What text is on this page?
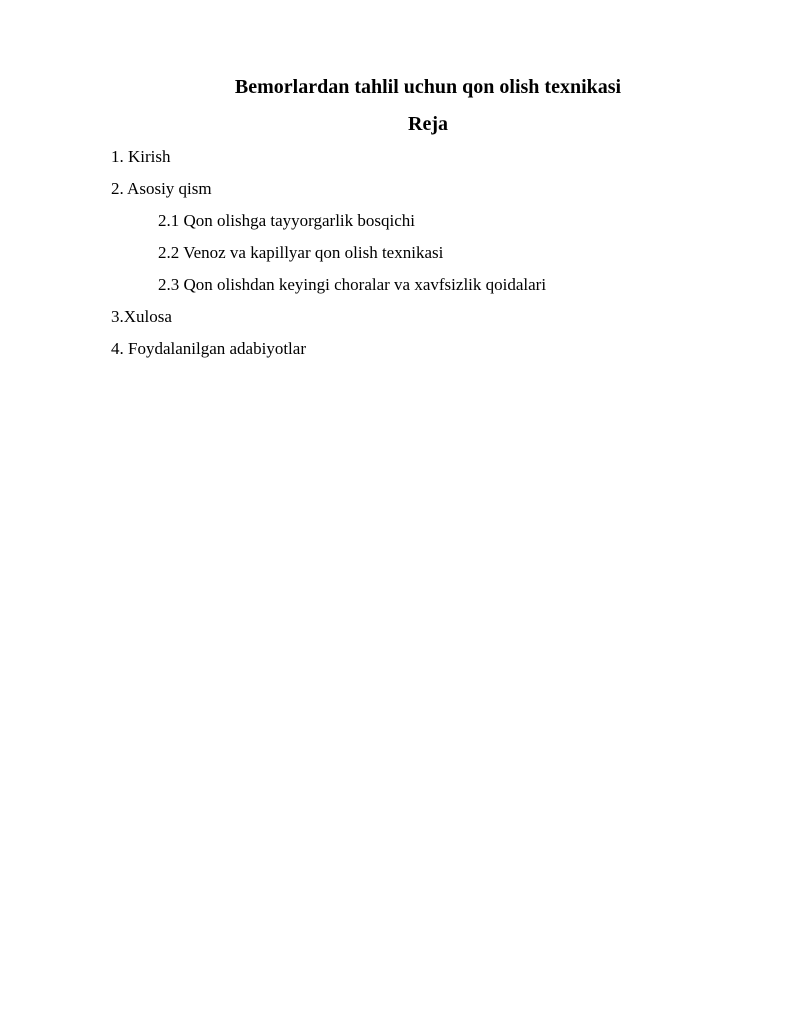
Bemorlardan tahlil uchun qon olish texnikasi
Reja
1. Kirish
2. Asosiy qism
2.1 Qon olishga tayyorgarlik bosqichi
2.2 Venoz va kapillyar qon olish texnikasi
2.3 Qon olishdan keyingi choralar va xavfsizlik qoidalari
3.Xulosa
4. Foydalanilgan adabiyotlar
